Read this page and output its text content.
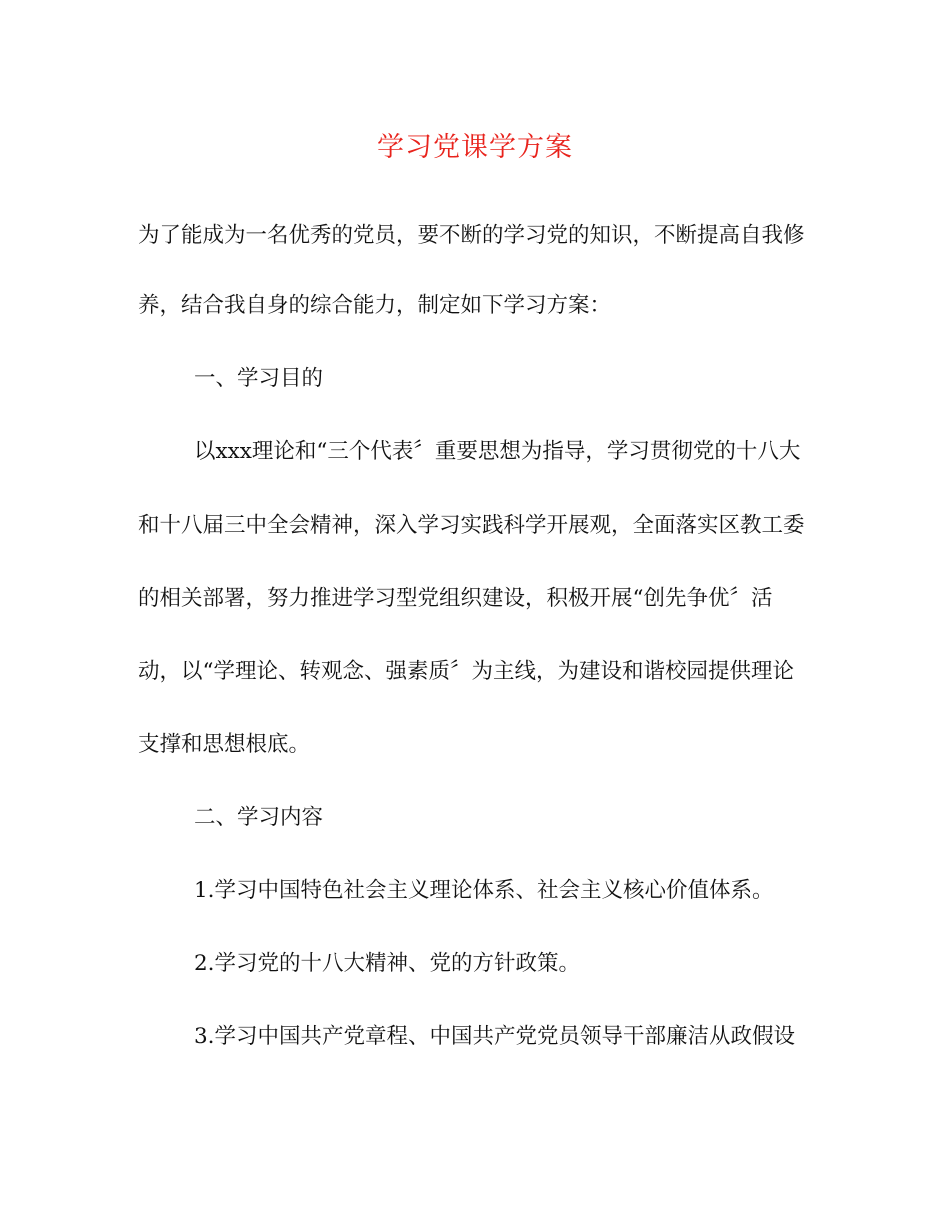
学习党课学方案

为了能成为一名优秀的党员，要不断的学习党的知识，不断提高自我修

养，结合我自身的综合能力，制定如下学习方案：

一、学习目的

以xxx理论和“三个代表〞重要思想为指导，学习贯彻党的十八大

和十八届三中全会精神，深入学习实践科学开展观，全面落实区教工委

的相关部署，努力推进学习型党组织建设，积极开展“创先争优〞活

动，以“学理论、转观念、强素质〞为主线，为建设和谐校园提供理论

支撑和思想根底。

二、学习内容

1.学习中国特色社会主义理论体系、社会主义核心价值体系。

2.学习党的十八大精神、党的方针政策。

3.学习中国共产党章程、中国共产党党员领导干部廉洁从政假设
